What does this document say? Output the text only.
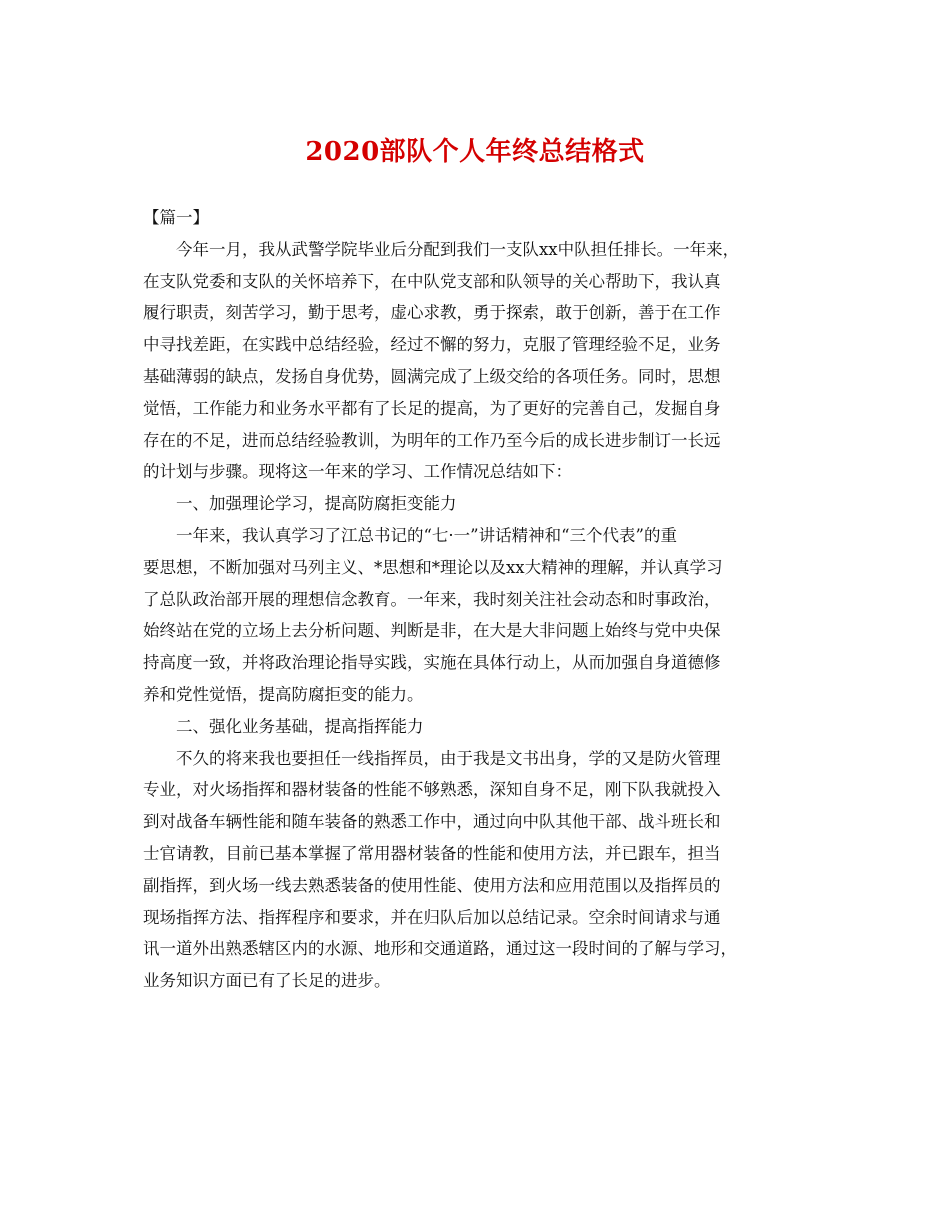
2020部队个人年终总结格式

【篇一】

今年一月，我从武警学院毕业后分配到我们一支队xx中队担任排长。一年来，
在支队党委和支队的关怀培养下，在中队党支部和队领导的关心帮助下，我认真
履行职责，刻苦学习，勤于思考，虚心求教，勇于探索，敢于创新，善于在工作
中寻找差距，在实践中总结经验，经过不懈的努力，克服了管理经验不足，业务
基础薄弱的缺点，发扬自身优势，圆满完成了上级交给的各项任务。同时，思想
觉悟，工作能力和业务水平都有了长足的提高，为了更好的完善自己，发掘自身
存在的不足，进而总结经验教训，为明年的工作乃至今后的成长进步制订一长远
的计划与步骤。现将这一年来的学习、工作情况总结如下：

一、加强理论学习，提高防腐拒变能力

一年来，我认真学习了江总书记的“七·一”讲话精神和“三个代表”的重
要思想，不断加强对马列主义、*思想和*理论以及xx大精神的理解，并认真学习
了总队政治部开展的理想信念教育。一年来，我时刻关注社会动态和时事政治，
始终站在党的立场上去分析问题、判断是非，在大是大非问题上始终与党中央保
持高度一致，并将政治理论指导实践，实施在具体行动上，从而加强自身道德修
养和党性觉悟，提高防腐拒变的能力。

二、强化业务基础，提高指挥能力

不久的将来我也要担任一线指挥员，由于我是文书出身，学的又是防火管理
专业，对火场指挥和器材装备的性能不够熟悉，深知自身不足，刚下队我就投入
到对战备车辆性能和随车装备的熟悉工作中，通过向中队其他干部、战斗班长和
士官请教，目前已基本掌握了常用器材装备的性能和使用方法，并已跟车，担当
副指挥，到火场一线去熟悉装备的使用性能、使用方法和应用范围以及指挥员的
现场指挥方法、指挥程序和要求，并在归队后加以总结记录。空余时间请求与通
讯一道外出熟悉辖区内的水源、地形和交通道路，通过这一段时间的了解与学习，
业务知识方面已有了长足的进步。
